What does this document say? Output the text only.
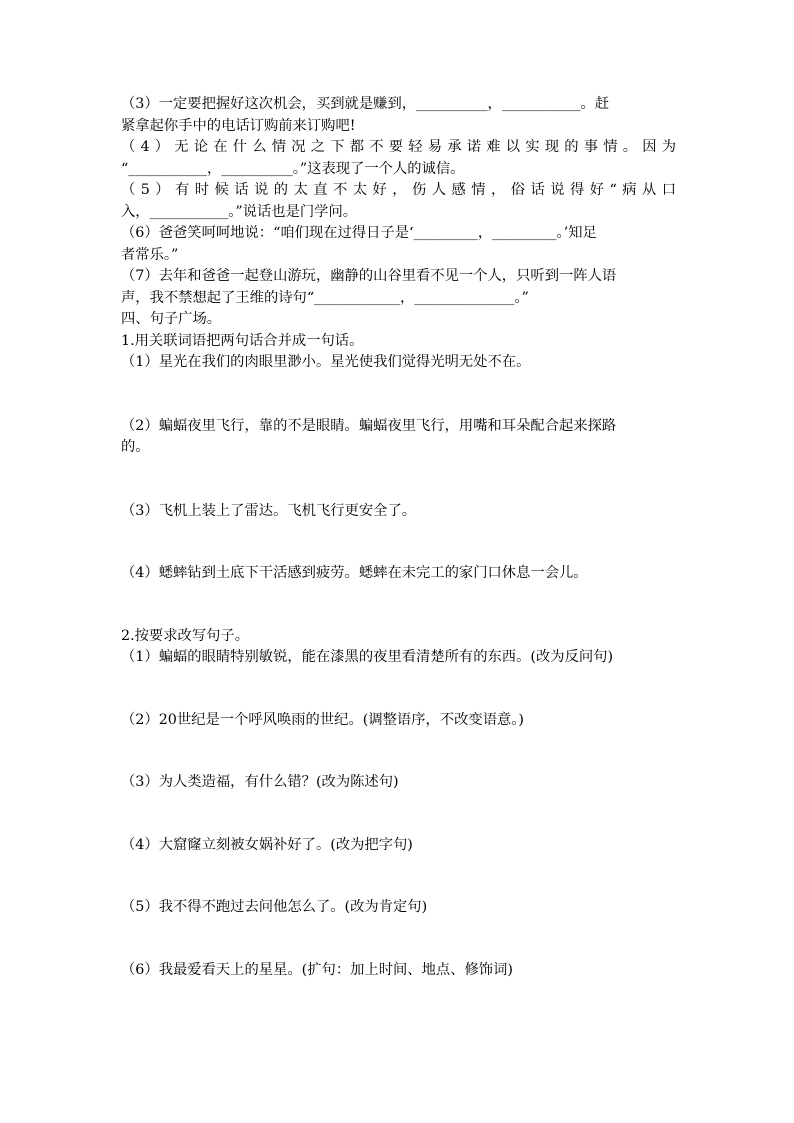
（3）一定要把握好这次机会，买到就是赚到，__________，___________。赶
紧拿起你手中的电话订购前来订购吧!
（4）无论在什么情况之下都不要轻易承诺难以实现的事情。因为
“___________，__________。”这表现了一个人的诚信。
（5）有时候话说的太直不太好，伤人感情，俗话说得好“病从口
入，___________。”说话也是门学问。
（6）爸爸笑呵呵地说：“咱们现在过得日子是‘_________，_________。’知足
者常乐。”
（7）去年和爸爸一起登山游玩，幽静的山谷里看不见一个人，只听到一阵人语
声，我不禁想起了王维的诗句“____________，______________。”
四、句子广场。
1.用关联词语把两句话合并成一句话。
（1）星光在我们的肉眼里渺小。星光使我们觉得光明无处不在。
（2）蝙蝠夜里飞行，靠的不是眼睛。蝙蝠夜里飞行，用嘴和耳朵配合起来探路
的。
（3）飞机上装上了雷达。飞机飞行更安全了。
（4）蟋蟀钻到土底下干活感到疲劳。蟋蟀在未完工的家门口休息一会儿。
2.按要求改写句子。
（1）蝙蝠的眼睛特别敏锐，能在漆黑的夜里看清楚所有的东西。(改为反问句)
（2）20世纪是一个呼风唤雨的世纪。(调整语序，不改变语意。)
（3）为人类造福，有什么错？(改为陈述句)
（4）大窟窿立刻被女娲补好了。(改为把字句)
（5）我不得不跑过去问他怎么了。(改为肯定句)
（6）我最爱看天上的星星。(扩句：加上时间、地点、修饰词)
